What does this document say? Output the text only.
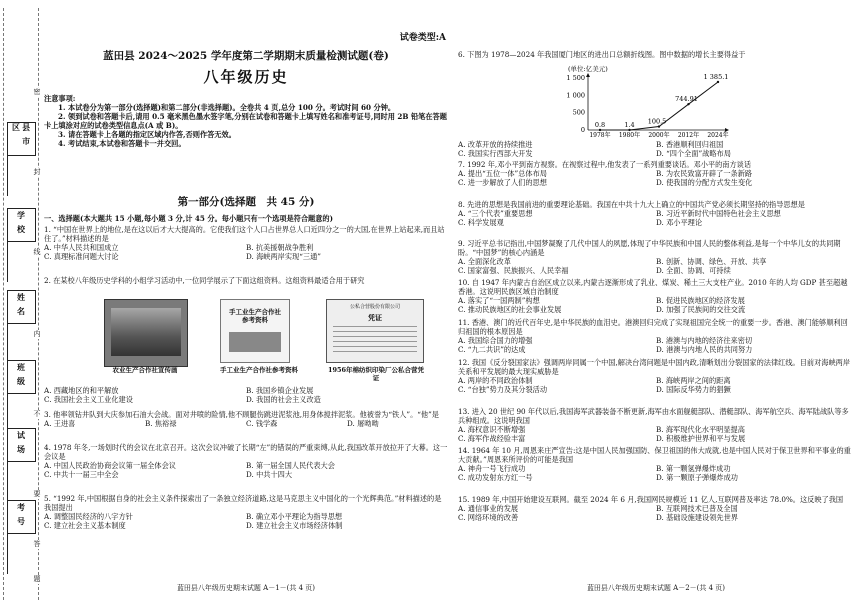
密
封
线
内
不
要
答
题
县市区
学校
姓名
班级
试场
考号
试卷类型:A
蓝田县 2024～2025 学年度第二学期期末质量检测试题(卷)
八年级历史
注意事项:
1. 本试卷分为第一部分(选择题)和第二部分(非选择题)。全卷共 4 页,总分 100 分。考试时间 60 分钟。
2. 领到试卷和答题卡后,请用 0.5 毫米黑色墨水签字笔,分别在试卷和答题卡上填写姓名和准考证号,同时用 2B 铅笔在答题卡上填涂对应的试卷类型信息点(A 或 B)。
3. 请在答题卡上各题的指定区域内作答,否则作答无效。
4. 考试结束,本试卷和答题卡一并交回。
第一部分(选择题　共 45 分)
一、选择题(本大题共 15 小题,每小题 3 分,计 45 分。每小题只有一个选项是符合题意的)
1. “中国在世界上的地位,是在这以后才大大提高的。它使我们这个人口占世界总人口近四分之一的大国,在世界上站起来,而且站住了。”材料描述的是
A. 中华人民共和国成立	B. 抗美援朝战争胜利
C. 真理标准问题大讨论	D. 海峡两岸实现“三通”
2. 在某校八年级历史学科的小组学习活动中,一位同学展示了下面这组资料。这组资料最适合用于研究
手工业生产合作社
参考资料
公私合营股份有限公司
凭证
农业生产合作社宣传画	手工业生产合作社参考资料	1956年棉纺织印染厂公私合营凭证
A. 西藏地区的和平解放	B. 我国乡镇企业发展
C. 我国社会主义工业化建设	D. 我国的社会主义改造
3. 他率领钻井队到大庆参加石油大会战。面对井喷的险情,他不顾腿伤跳进泥浆池,用身体搅拌泥浆。他被誉为“铁人”。“他”是
A. 王进喜	B. 焦裕禄	C. 钱学森	D. 屠呦呦
4. 1978 年冬,一场划时代的会议在北京召开。这次会议冲破了长期“左”的错误的严重束缚,从此,我国改革开放拉开了大幕。这一会议是
A. 中国人民政治协商会议第一届全体会议	B. 第一届全国人民代表大会
C. 中共十一届三中全会	D. 中共十四大
5. “1992 年,中国根据自身的社会主义条件探索出了一条独立经济道路,这是马克思主义中国化的一个光辉典范。”材料描述的是我国提出
A. 调整国民经济的八字方针	B. 确立邓小平理论为指导思想
C. 建立社会主义基本制度	D. 建立社会主义市场经济体制
蓝田县八年级历史期末试题 A－1－(共 4 页)
6. 下图为 1978—2024 年我国厦门地区的进出口总额折线图。图中数据的增长主要得益于
(单位:亿美元)
0
500
1 000
1 500
0.8	1.4 100.5
744.91
1 385.1
1978年 1980年 2000年 2012年 2024年
A. 改革开放的持续推进	B. 香港顺利回归祖国
C. 我国实行西部大开发	D. “四个全面”战略布局
7. 1992 年,邓小平到南方视察。在视察过程中,他发表了一系列重要谈话。邓小平的南方谈话
A. 提出“五位一体”总体布局	B. 为农民致富开辟了一条新路
C. 进一步解放了人们的思想	D. 使我国的分配方式发生变化
8. 先进的思想是我国前进的重要理论基础。我国在中共十九大上确立的中国共产党必须长期坚持的指导思想是
A. “三个代表”重要思想	B. 习近平新时代中国特色社会主义思想
C. 科学发展观	D. 邓小平理论
9. 习近平总书记指出,中国梦凝聚了几代中国人的夙愿,体现了中华民族和中国人民的整体利益,是每一个中华儿女的共同期盼。“中国梦”的核心内涵是
A. 全面深化改革	B. 创新、协调、绿色、开放、共享
C. 国家富强、民族振兴、人民幸福	D. 全面、协调、可持续
10. 自 1947 年内蒙古自治区成立以来,内蒙古逐渐形成了乳业、煤炭、稀土三大支柱产业。2010 年的人均 GDP 甚至超越香港。这说明民族区域自治制度
A. 落实了“一国两制”构想	B. 促进民族地区的经济发展
C. 推动民族地区的社会事业发展	D. 加强了民族间的交往交流
11. 香港、澳门的近代百年史,是中华民族的血泪史。港澳回归完成了实现祖国完全统一的重要一步。香港、澳门能够顺利回归祖国的根本原因是
A. 我国综合国力的增强	B. 港澳与内地的经济往来密切
C. “九二共识”的达成	D. 港澳与内地人民的共同努力
12. 我国《反分裂国家法》强调两岸同属一个中国,解决台湾问题是中国内政,清晰划出分裂国家的法律红线。目前对海峡两岸关系和平发展的最大现实威胁是
A. 两岸的不同政治体制	B. 海峡两岸之间的距离
C. “台独”势力及其分裂活动	D. 国际反华势力的猖獗
13. 进入 20 世纪 90 年代以后,我国海军武器装备不断更新,海军由水面舰艇部队、潜艇部队、海军航空兵、海军陆战队等多兵种组成。这说明我国
A. 海权意识不断增强	B. 海军现代化水平明显提高
C. 海军作战经验丰富	D. 积极维护世界和平与发展
14. 1964 年 10 月,周恩来庄严宣告:这是中国人民加强国防、保卫祖国的伟大成就,也是中国人民对于保卫世界和平事业的重大贡献。”周恩来所评价的可能是我国
A. 神舟一号飞行成功	B. 第一颗氢弹爆炸成功
C. 成功发射东方红一号	D. 第一颗原子弹爆炸成功
15. 1989 年,中国开始建设互联网。截至 2024 年 6 月,我国网民规模近 11 亿人,互联网普及率达 78.0%。这反映了我国
A. 通信事业的发展	B. 互联网技术已普及全国
C. 网络环境的改善	D. 基础设施建设领先世界
蓝田县八年级历史期末试题 A－2－(共 4 页)
